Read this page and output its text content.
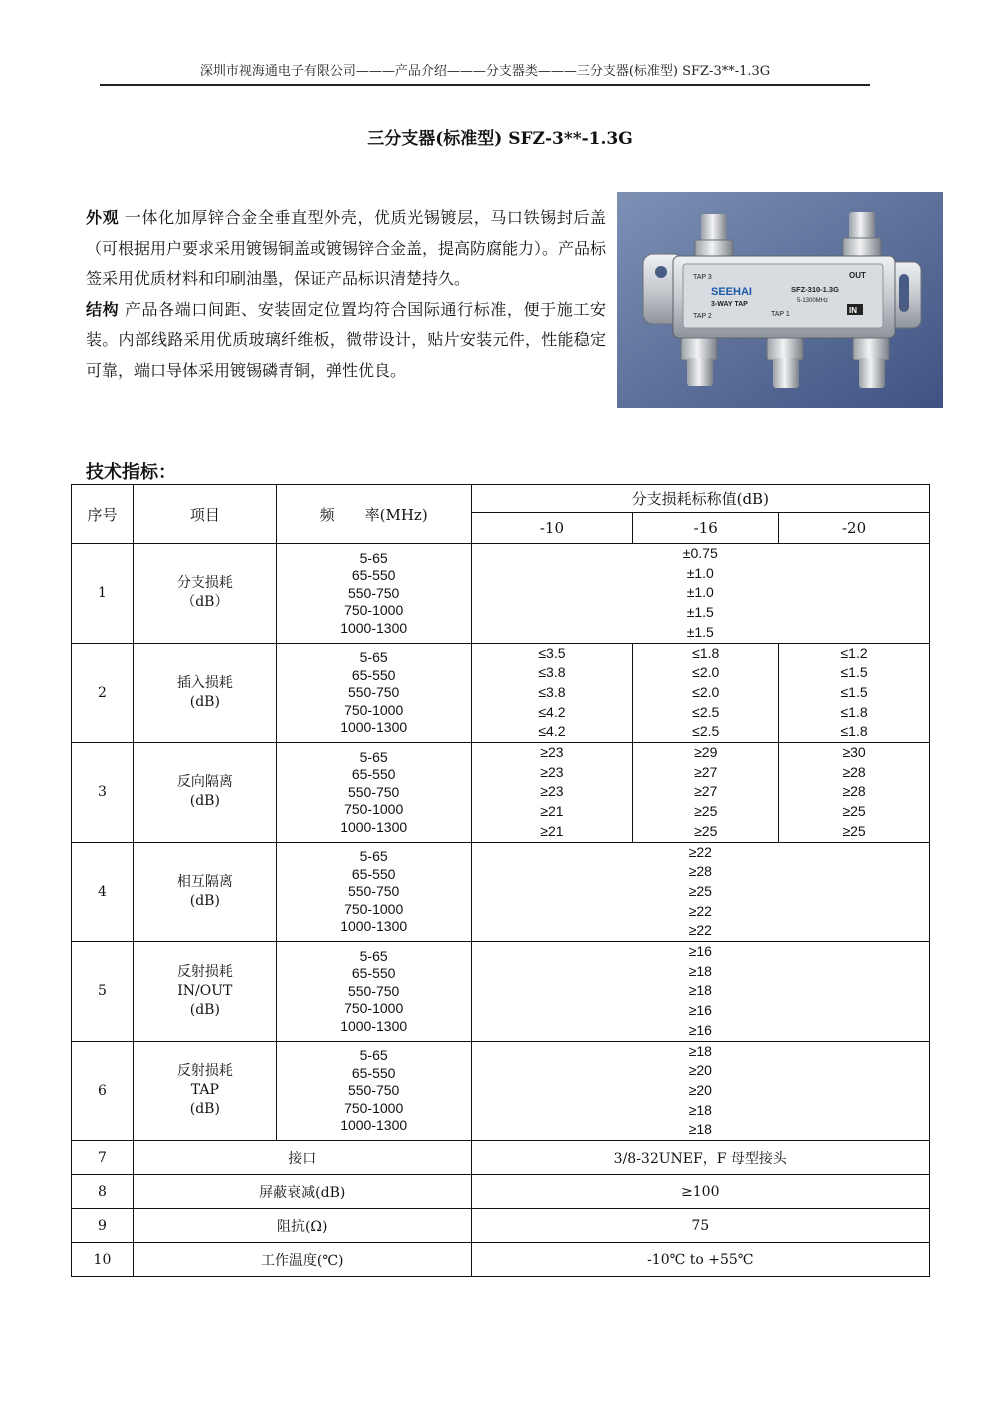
深圳市视海通电子有限公司———产品介绍———分支器类———三分支器(标准型) SFZ-3**-1.3G
三分支器(标准型) SFZ-3**-1.3G
外观 一体化加厚锌合金全垂直型外壳，优质光锡镀层，马口铁锡封后盖（可根据用户要求采用镀锡铜盖或镀锡锌合金盖，提高防腐能力）。产品标签采用优质材料和印刷油墨，保证产品标识清楚持久。
结构 产品各端口间距、安装固定位置均符合国际通行标准，便于施工安装。内部线路采用优质玻璃纤维板，微带设计，贴片安装元件，性能稳定可靠，端口导体采用镀锡磷青铜，弹性优良。
TAP 3	OUT
SEEHAI
3-WAY TAP
SFZ-310-1.3G
5-1300MHz
TAP 2	TAP 1	IN
技术指标：
序号	项目	频　　率(MHz)	分支损耗标称值(dB)		
			-10	-16	-20
1	分支损耗
（dB）	5-65
65-550
550-750
750-1000
1000-1300	±0.75
±1.0
±1.0
±1.5
±1.5		

2	插入损耗
(dB)	5-65
65-550
550-750
750-1000
1000-1300	≤3.5
≤3.8
≤3.8
≤4.2
≤4.2	≤1.8
≤2.0
≤2.0
≤2.5
≤2.5	≤1.2
≤1.5
≤1.5
≤1.8
≤1.8

3	反向隔离
(dB)	5-65
65-550
550-750
750-1000
1000-1300	≥23
≥23
≥23
≥21
≥21	≥29
≥27
≥27
≥25
≥25	≥30
≥28
≥28
≥25
≥25

4	相互隔离
(dB)	5-65
65-550
550-750
750-1000
1000-1300	≥22
≥28
≥25
≥22
≥22		

5	反射损耗
IN/OUT
(dB)	5-65
65-550
550-750
750-1000
1000-1300	≥16
≥18
≥18
≥16
≥16		

6	反射损耗
TAP
(dB)	5-65
65-550
550-750
750-1000
1000-1300	≥18
≥20
≥20
≥18
≥18		

7	接口		3/8-32UNEF，F 母型接头		
8	屏蔽衰减(dB)		≥100		
9	阻抗(Ω)		75		
10	工作温度(℃)		-10℃ to +55℃		
